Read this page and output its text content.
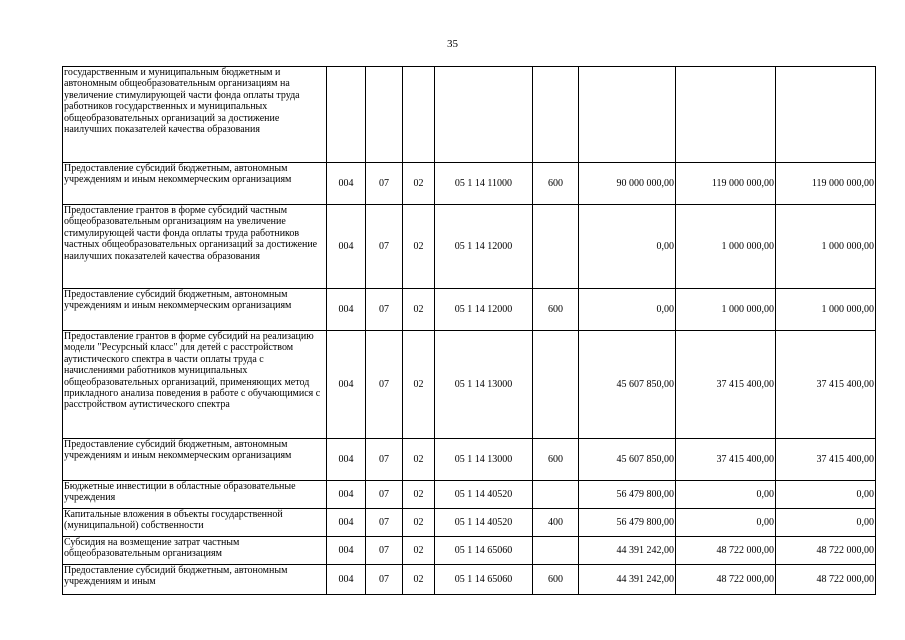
35
государственным и муниципальным бюджетным и автономным общеобразовательным организациям на увеличение стимулирующей части фонда оплаты труда работников государственных и муниципальных общеобразовательных организаций за достижение наилучших показателей качества образования								
Предоставление субсидий бюджетным, автономным учреждениям и иным некоммерческим организациям	004	07	02	05 1 14 11000	600	90 000 000,00	119 000 000,00	119 000 000,00
Предоставление грантов в форме субсидий частным общеобразовательным организациям на увеличение стимулирующей части фонда оплаты труда работников частных общеобразовательных организаций за достижение наилучших показателей качества образования	004	07	02	05 1 14 12000		0,00	1 000 000,00	1 000 000,00
Предоставление субсидий бюджетным, автономным учреждениям и иным некоммерческим организациям	004	07	02	05 1 14 12000	600	0,00	1 000 000,00	1 000 000,00
Предоставление грантов в форме субсидий на реализацию модели "Ресурсный класс" для детей с расстройством аутистического спектра в части оплаты труда с начислениями работников муниципальных общеобразовательных организаций, применяющих метод прикладного анализа поведения в работе с обучающимися с расстройством аутистического спектра	004	07	02	05 1 14 13000		45 607 850,00	37 415 400,00	37 415 400,00
Предоставление субсидий бюджетным, автономным учреждениям и иным некоммерческим организациям	004	07	02	05 1 14 13000	600	45 607 850,00	37 415 400,00	37 415 400,00
Бюджетные инвестиции в областные образовательные учреждения	004	07	02	05 1 14 40520		56 479 800,00	0,00	0,00
Капитальные вложения в объекты государственной (муниципальной) собственности	004	07	02	05 1 14 40520	400	56 479 800,00	0,00	0,00
Субсидия на возмещение затрат частным общеобразовательным организациям	004	07	02	05 1 14 65060		44 391 242,00	48 722 000,00	48 722 000,00
Предоставление субсидий бюджетным, автономным учреждениям и иным	004	07	02	05 1 14 65060	600	44 391 242,00	48 722 000,00	48 722 000,00
